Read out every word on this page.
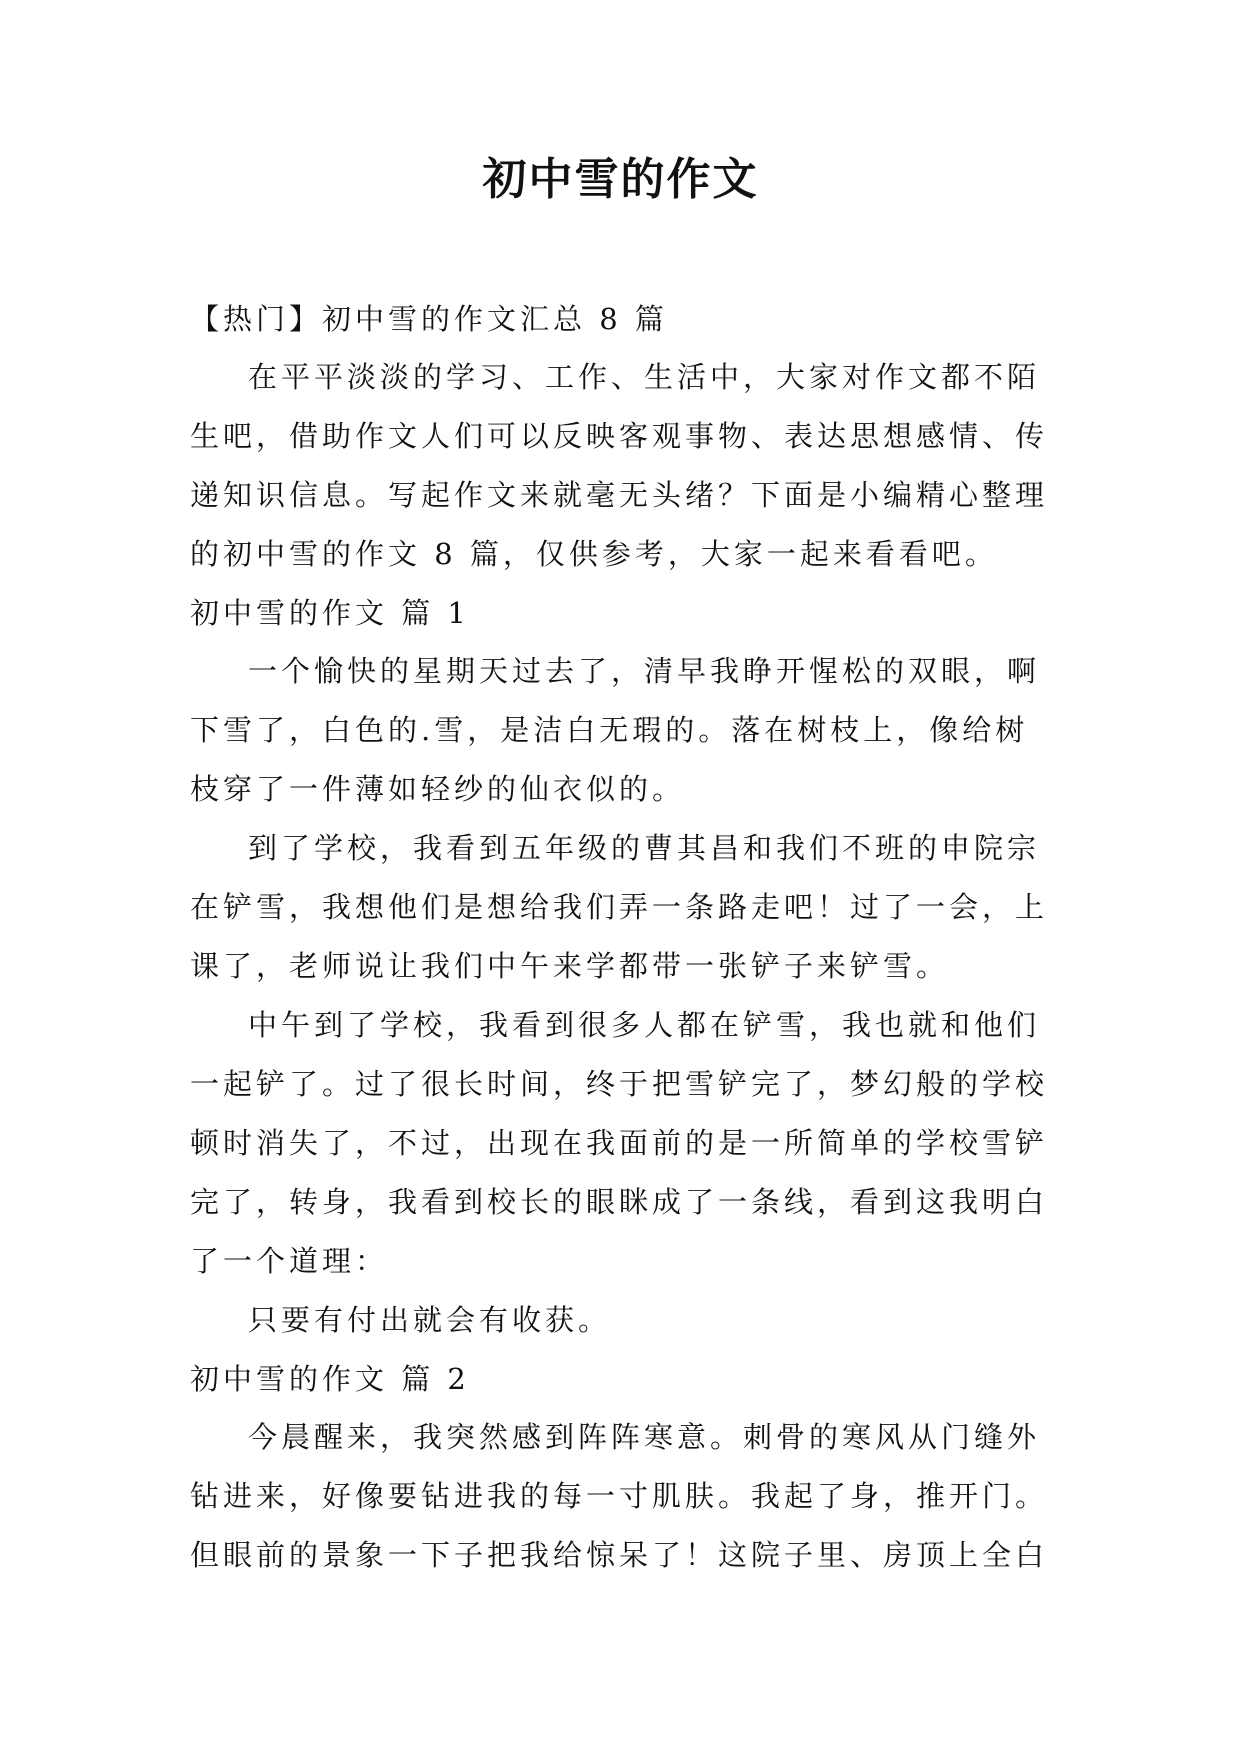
初中雪的作文

【热门】初中雪的作文汇总 8 篇

在平平淡淡的学习、工作、生活中，大家对作文都不陌生吧，借助作文人们可以反映客观事物、表达思想感情、传递知识信息。写起作文来就毫无头绪？下面是小编精心整理的初中雪的作文 8 篇，仅供参考，大家一起来看看吧。

初中雪的作文 篇 1

一个愉快的星期天过去了，清早我睁开惺松的双眼，啊下雪了，白色的.雪，是洁白无瑕的。落在树枝上，像给树枝穿了一件薄如轻纱的仙衣似的。

到了学校，我看到五年级的曹其昌和我们不班的申院宗在铲雪，我想他们是想给我们弄一条路走吧！过了一会，上课了，老师说让我们中午来学都带一张铲子来铲雪。

中午到了学校，我看到很多人都在铲雪，我也就和他们一起铲了。过了很长时间，终于把雪铲完了，梦幻般的学校顿时消失了，不过，出现在我面前的是一所简单的学校雪铲完了，转身，我看到校长的眼眯成了一条线，看到这我明白了一个道理：

只要有付出就会有收获。

初中雪的作文 篇 2

今晨醒来，我突然感到阵阵寒意。刺骨的寒风从门缝外钻进来，好像要钻进我的每一寸肌肤。我起了身，推开门。但眼前的景象一下子把我给惊呆了！这院子里、房顶上全白
